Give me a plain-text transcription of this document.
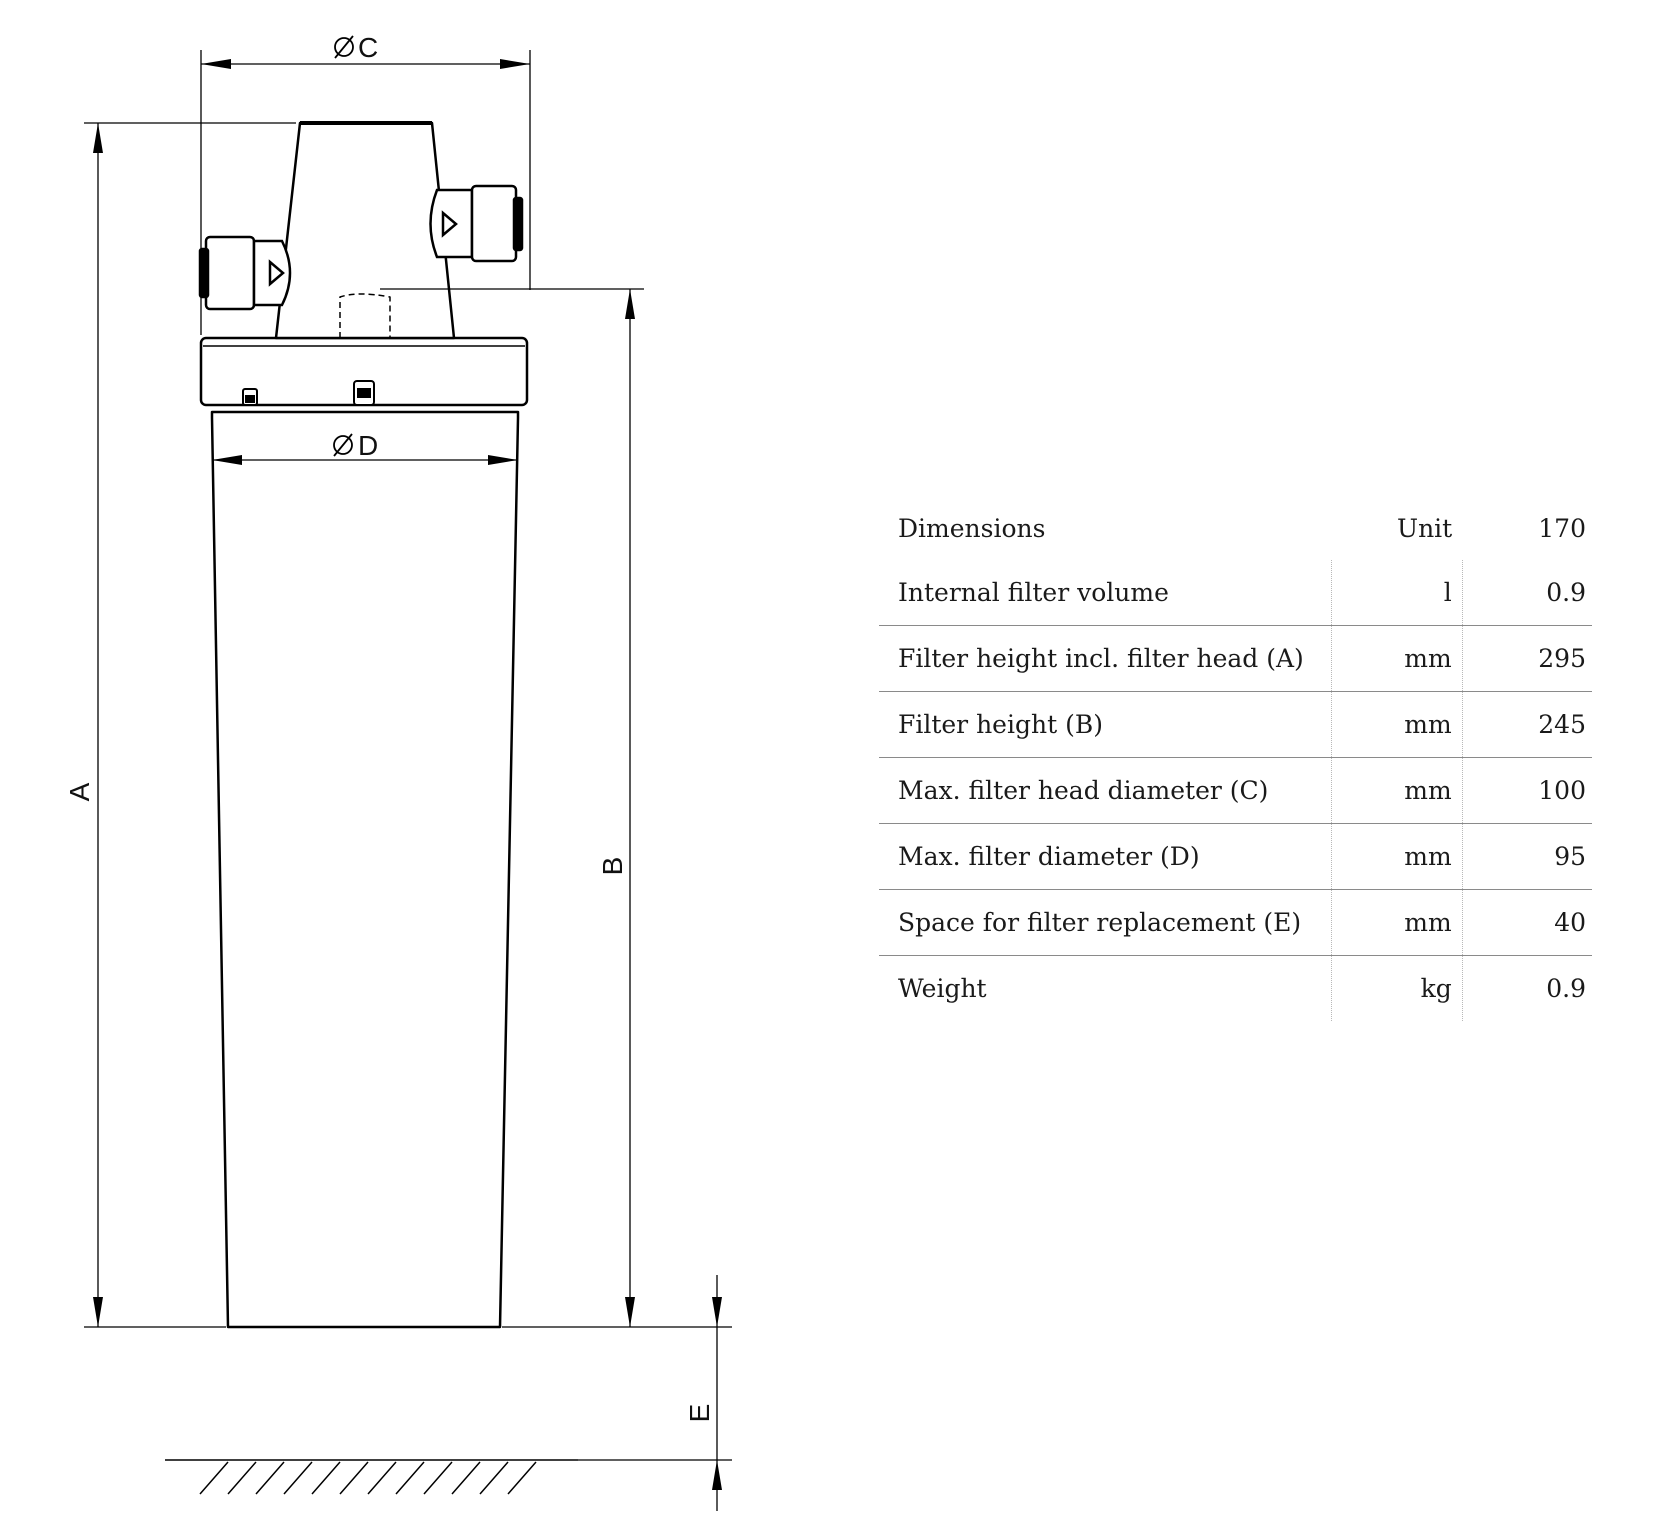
C
D
A
B
E
Dimensions	Unit	170
Internal filter volume	l	0.9
Filter height incl. filter head (A)	mm	295
Filter height (B)	mm	245
Max. filter head diameter (C)	mm	100
Max. filter diameter (D)	mm	95
Space for filter replacement (E)	mm	40
Weight	kg	0.9
